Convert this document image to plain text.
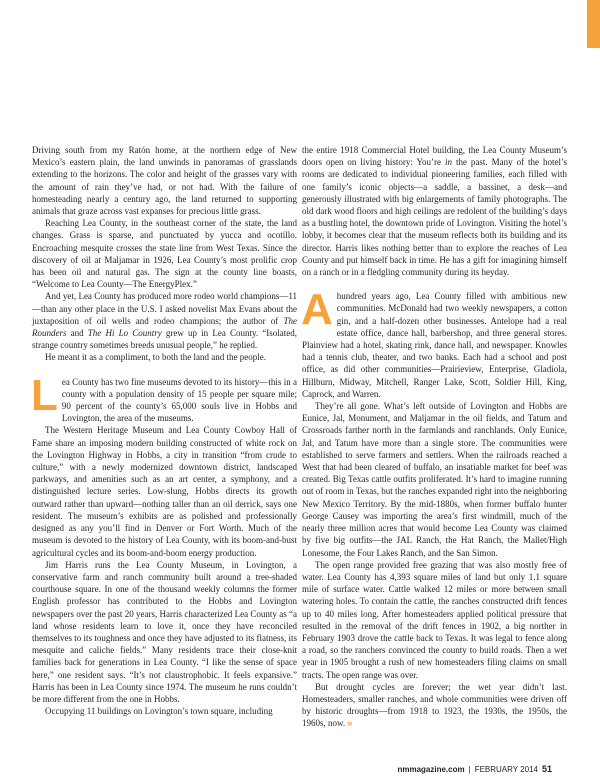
Driving south from my Ratón home, at the northern edge of New Mexico’s eastern plain, the land unwinds in panoramas of grasslands extending to the horizons. The color and height of the grasses vary with the amount of rain they’ve had, or not had. With the failure of homesteading nearly a century ago, the land returned to supporting animals that graze across vast expanses for precious little grass.

Reaching Lea County, in the southeast corner of the state, the land changes. Grass is sparse, and punctuated by yucca and ocotillo. Encroaching mesquite crosses the state line from West Texas. Since the discovery of oil at Maljamar in 1926, Lea County’s most prolific crop has been oil and natural gas. The sign at the county line boasts, “Welcome to Lea County—The EnergyPlex.”

And yet, Lea County has produced more rodeo world champions—11—than any other place in the U.S. I asked novelist Max Evans about the juxtaposition of oil wells and rodeo champions; the author of The Rounders and The Hi Lo Country grew up in Lea County. “Isolated, strange country sometimes breeds unusual people,” he replied.

He meant it as a compliment, to both the land and the people.

Lea County has two fine museums devoted to its history—this in a county with a population density of 15 people per square mile; 90 percent of the county’s 65,000 souls live in Hobbs and Lovington, the area of the museums.

The Western Heritage Museum and Lea County Cowboy Hall of Fame share an imposing modern building constructed of white rock on the Lovington Highway in Hobbs, a city in transition “from crude to culture,” with a newly modernized downtown district, landscaped parkways, and amenities such as an art center, a symphony, and a distinguished lecture series. Low-slung, Hobbs directs its growth outward rather than upward—nothing taller than an oil derrick, says one resident. The museum’s exhibits are as polished and professionally designed as any you’ll find in Denver or Fort Worth. Much of the museum is devoted to the history of Lea County, with its boom-and-bust agricultural cycles and its boom-and-boom energy production.

Jim Harris runs the Lea County Museum, in Lovington, a conservative farm and ranch community built around a tree-shaded courthouse square. In one of the thousand weekly columns the former English professor has contributed to the Hobbs and Lovington newspapers over the past 20 years, Harris characterized Lea County as “a land whose residents learn to love it, once they have reconciled themselves to its toughness and once they have adjusted to its flatness, its mesquite and caliche fields.” Many residents trace their close-knit families back for generations in Lea County. “I like the sense of space here,” one resident says. “It’s not claustrophobic. It feels expansive.” Harris has been in Lea County since 1974. The museum he runs couldn’t be more different from the one in Hobbs.

Occupying 11 buildings on Lovington’s town square, including

the entire 1918 Commercial Hotel building, the Lea County Museum’s doors open on living history: You’re in the past. Many of the hotel’s rooms are dedicated to individual pioneering families, each filled with one family’s iconic objects—a saddle, a bassinet, a desk—and generously illustrated with big enlargements of family photographs. The old dark wood floors and high ceilings are redolent of the building’s days as a bustling hotel, the downtown pride of Lovington. Visiting the hotel’s lobby, it becomes clear that the museum reflects both its building and its director. Harris likes nothing better than to explore the reaches of Lea County and put himself back in time. He has a gift for imagining himself on a ranch or in a fledgling community during its heyday.

Ahundred years ago, Lea County filled with ambitious new communities. McDonald had two weekly newspapers, a cotton gin, and a half-dozen other businesses. Antelope had a real estate office, dance hall, barbershop, and three general stores. Plainview had a hotel, skating rink, dance hall, and newspaper. Knowles had a tennis club, theater, and two banks. Each had a school and post office, as did other communities—Prairieview, Enterprise, Gladiola, Hillburn, Midway, Mitchell, Ranger Lake, Scott, Soldier Hill, King, Caprock, and Warren.

They’re all gone. What’s left outside of Lovington and Hobbs are Eunice, Jal, Monument, and Maljamar in the oil fields, and Tatum and Crossroads farther north in the farmlands and ranchlands. Only Eunice, Jal, and Tatum have more than a single store. The communities were established to serve farmers and settlers. When the railroads reached a West that had been cleared of buffalo, an insatiable market for beef was created. Big Texas cattle outfits proliferated. It’s hard to imagine running out of room in Texas, but the ranches expanded right into the neighboring New Mexico Territory. By the mid-1880s, when former buffalo hunter George Causey was importing the area’s first windmill, much of the nearly three million acres that would become Lea County was claimed by five big outfits—the JAL Ranch, the Hat Ranch, the Mallet/High Lonesome, the Four Lakes Ranch, and the San Simon.

The open range provided free grazing that was also mostly free of water. Lea County has 4,393 square miles of land but only 1.1 square mile of surface water. Cattle walked 12 miles or more between small watering holes. To contain the cattle, the ranches constructed drift fences up to 40 miles long. After homesteaders applied political pressure that resulted in the removal of the drift fences in 1902, a big norther in February 1903 drove the cattle back to Texas. It was legal to fence along a road, so the ranchers convinced the county to build roads. Then a wet year in 1905 brought a rush of new homesteaders filing claims on small tracts. The open range was over.

But drought cycles are forever; the wet year didn’t last. Homesteaders, smaller ranches, and whole communities were driven off by historic droughts—from 1918 to 1923, the 1930s, the 1950s, the 1960s, now. »

nmmagazine.com | FEBRUARY 2014 51
